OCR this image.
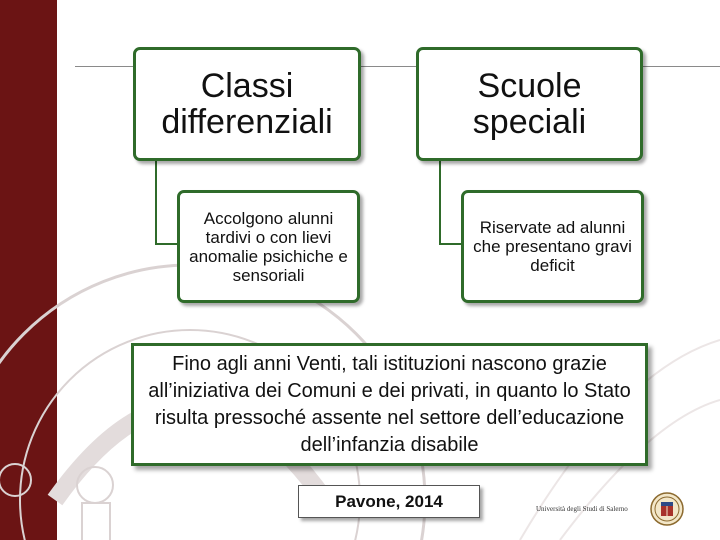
Classi differenziali
Scuole speciali
Accolgono alunni tardivi o con lievi anomalie psichiche e sensoriali
Riservate ad alunni che presentano gravi deficit
Fino agli anni Venti, tali istituzioni nascono grazie all’iniziativa dei Comuni e dei privati, in quanto lo Stato risulta pressoché assente nel settore dell’educazione dell’infanzia disabile
Pavone, 2014	Università degli Studi di Salerno
